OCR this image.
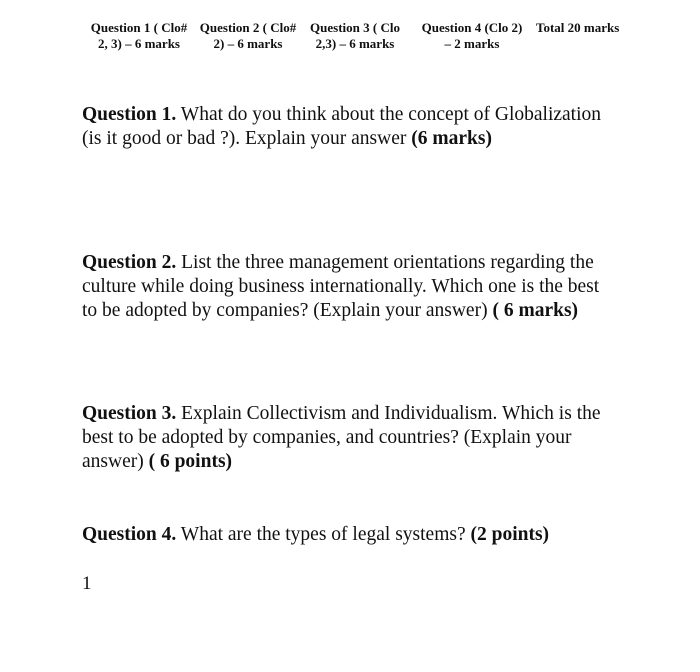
Question 1 ( Clo#
2, 3) – 6 marks
Question 2 ( Clo#
2) – 6 marks
Question 3 ( Clo
2,3) – 6 marks
Question 4 (Clo 2)
– 2 marks
Total 20 marks
Question 1. What do you think about the concept of Globalization (is it good or bad ?). Explain your answer (6 marks)
Question 2. List the three management orientations regarding the culture while doing business internationally. Which one is the best to be adopted by companies? (Explain your answer) ( 6 marks)
Question 3. Explain Collectivism and Individualism. Which is the best to be adopted by companies, and countries? (Explain your answer) ( 6 points)
Question 4. What are the types of legal systems? (2 points)
1
